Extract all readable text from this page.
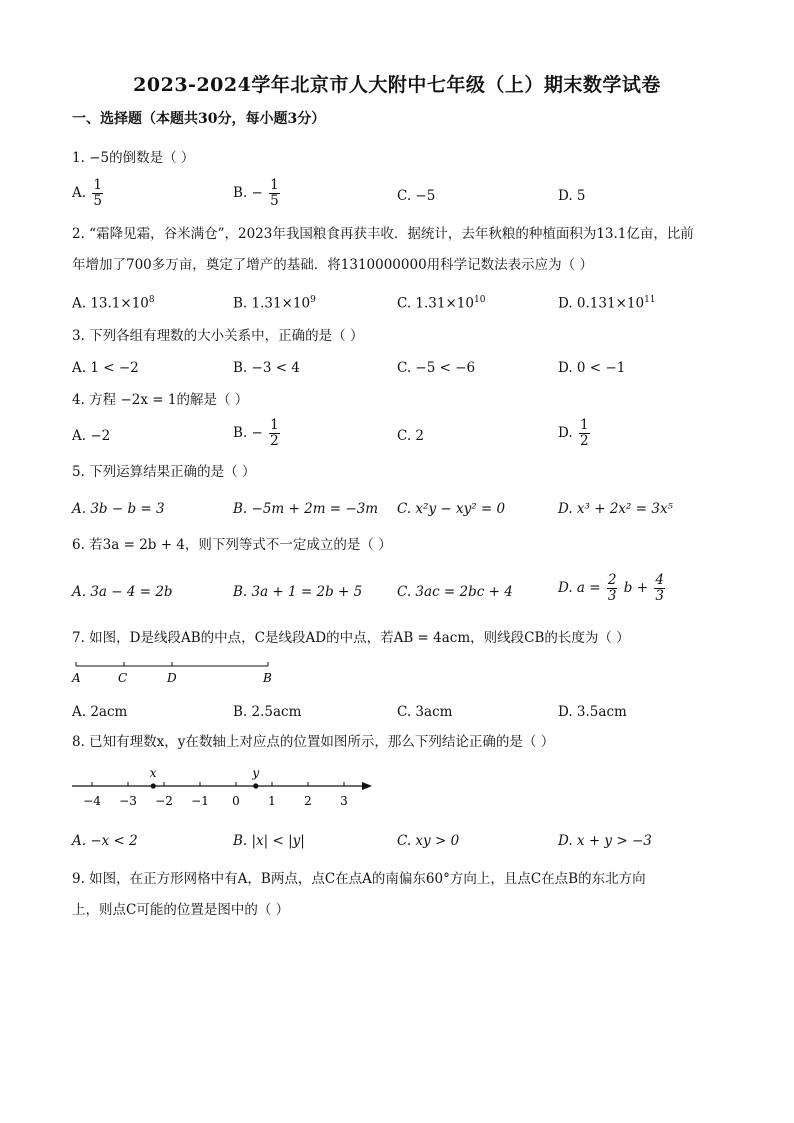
2023-2024学年北京市人大附中七年级（上）期末数学试卷
一、选择题（本题共30分，每小题3分）
1. −5的倒数是（ ）
A. $\frac{1}{5}$	B. − $\frac{1}{5}$	C. −5	D. 5
2. “霜降见霜，谷米满仓”，2023年我国粮食再获丰收．据统计，去年秋粮的种植面积为13.1亿亩，比前
年增加了700多万亩，奠定了增产的基础．将1310000000用科学记数法表示应为（ ）
A. $13.1\times 10^8$	B. $1.31\times 10^9$	C. $1.31\times 10^{10}$	D. $0.131\times 10^{11}$
3. 下列各组有理数的大小关系中，正确的是（ ）
A. 1 < −2	B. −3 < 4	C. −5 < −6	D. 0 < −1
4. 方程 −2x = 1的解是（ ）
A. −2	B. − $\frac{1}{2}$	C. 2	D. $\frac{1}{2}$
5. 下列运算结果正确的是（ ）
A. 3b − b = 3	B. −5m + 2m = −3m C. x²y − xy² = 0	D. x³ + 2x² = 3x⁵
6. 若3a = 2b + 4，则下列等式不一定成立的是（ ）
A. 3a − 4 = 2b	B. 3a + 1 = 2b + 5	C. 3ac = 2bc + 4	D. $a = \frac{2}{3}$ $b + \frac{4}{3}$
7. 如图，D是线段AB的中点，C是线段AD的中点，若AB = 4acm，则线段CB的长度为（ ）
A	C	D	B
A. 2acm	B. 2.5acm	C. 3acm	D. 3.5acm
8. 已知有理数x，y在数轴上对应点的位置如图所示，那么下列结论正确的是（ ）
−4 −3 −2 −1 0 1 2 3
x	y
A. −x < 2	B. |x| < |y|	C. xy > 0	D. x + y > −3
9. 如图，在正方形网格中有A，B两点，点C在点A的南偏东60°方向上，且点C在点B的东北方向
上，则点C可能的位置是图中的（ ）
